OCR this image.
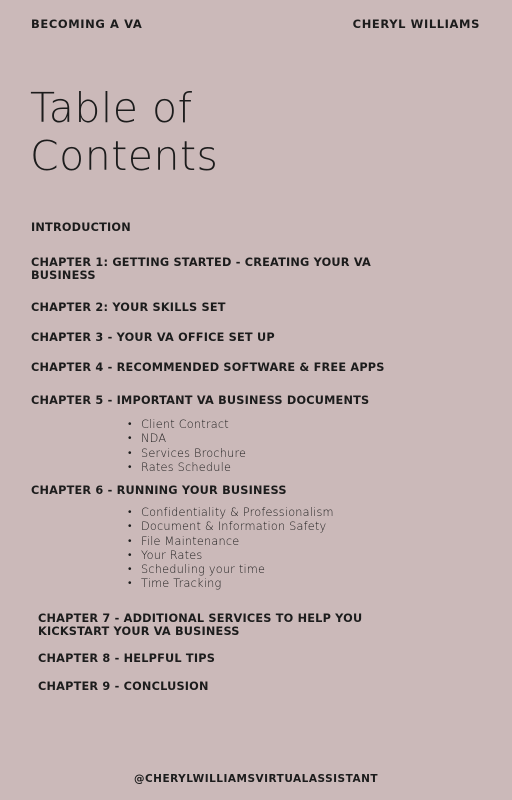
BECOMING A VA	CHERYL WILLIAMS
Table of
Contents
INTRODUCTION
CHAPTER 1: GETTING STARTED - CREATING YOUR VA
BUSINESS
CHAPTER 2: YOUR SKILLS SET
CHAPTER 3 - YOUR VA OFFICE SET UP
CHAPTER 4 - RECOMMENDED SOFTWARE & FREE APPS
CHAPTER 5 - IMPORTANT VA BUSINESS DOCUMENTS
• Client Contract
• NDA
• Services Brochure
• Rates Schedule
CHAPTER 6 - RUNNING YOUR BUSINESS
• Confidentiality & Professionalism
• Document & Information Safety
• File Maintenance
• Your Rates
• Scheduling your time
• Time Tracking
CHAPTER 7 - ADDITIONAL SERVICES TO HELP YOU
KICKSTART YOUR VA BUSINESS
CHAPTER 8 - HELPFUL TIPS
CHAPTER 9 - CONCLUSION
@CHERYLWILLIAMSVIRTUALASSISTANT
